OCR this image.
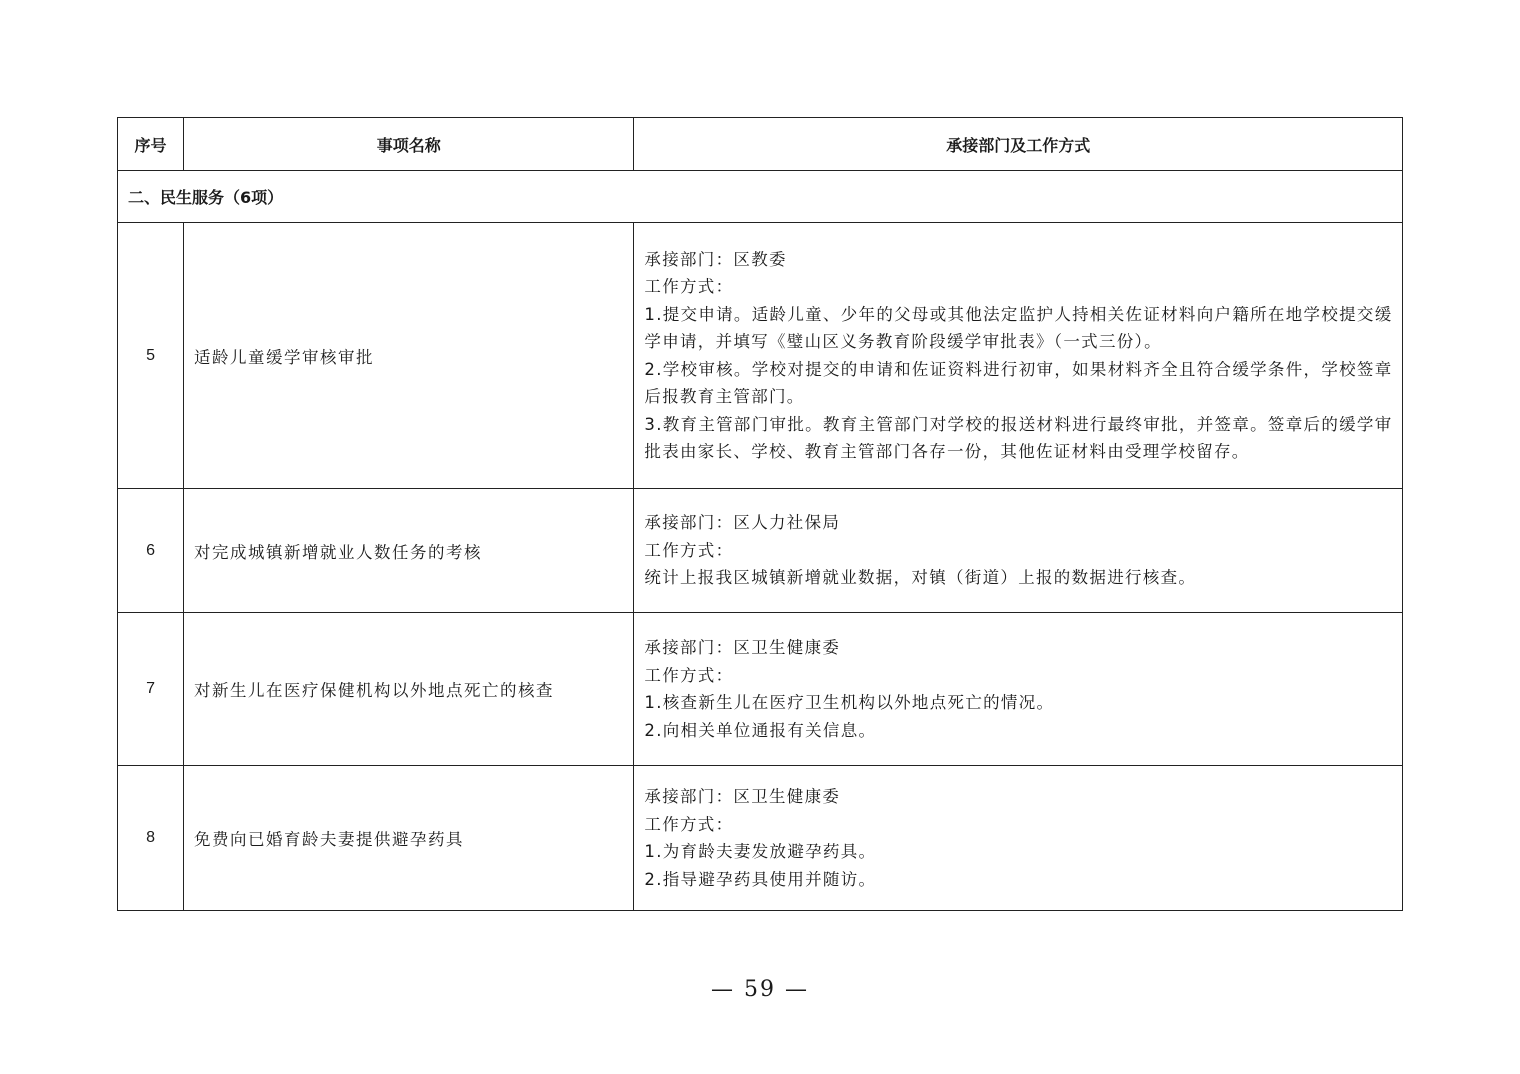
序号	事项名称	承接部门及工作方式
二、民生服务（6项）		
5	适龄儿童缓学审核审批	承接部门：区教委
工作方式：
1.提交申请。适龄儿童、少年的父母或其他法定监护人持相关佐证材料向户籍所在地学校提交缓学申请，并填写《璧山区义务教育阶段缓学审批表》（一式三份）。
2.学校审核。学校对提交的申请和佐证资料进行初审，如果材料齐全且符合缓学条件，学校签章后报教育主管部门。
3.教育主管部门审批。教育主管部门对学校的报送材料进行最终审批，并签章。签章后的缓学审批表由家长、学校、教育主管部门各存一份，其他佐证材料由受理学校留存。

6	对完成城镇新增就业人数任务的考核	承接部门：区人力社保局
工作方式：
统计上报我区城镇新增就业数据，对镇（街道）上报的数据进行核查。

7	对新生儿在医疗保健机构以外地点死亡的核查	承接部门：区卫生健康委
工作方式：
1.核查新生儿在医疗卫生机构以外地点死亡的情况。
2.向相关单位通报有关信息。

8	免费向已婚育龄夫妻提供避孕药具	承接部门：区卫生健康委
工作方式：
1.为育龄夫妻发放避孕药具。
2.指导避孕药具使用并随访。
— 59 —
